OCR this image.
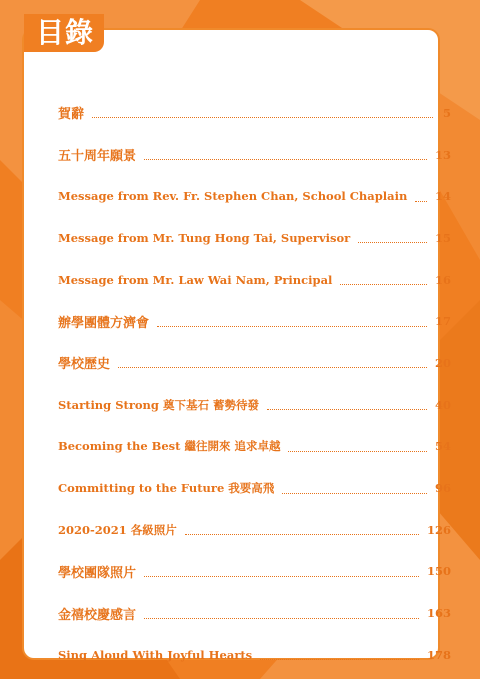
賀辭	5
五十周年願景	13
Message from Rev. Fr. Stephen Chan, School Chaplain 14
Message from Mr. Tung Hong Tai, Supervisor	15
Message from Mr. Law Wai Nam, Principal	16
辦學團體方濟會	17
學校歷史	20
Starting Strong 奠下基石 蓄勢待發	40
Becoming the Best 繼往開來 追求卓越	54
Committing to the Future 我要高飛	96
2020-2021 各級照片	126
學校團隊照片	150
金禧校慶感言	163
Sing Aloud With Joyful Hearts	178
目錄
